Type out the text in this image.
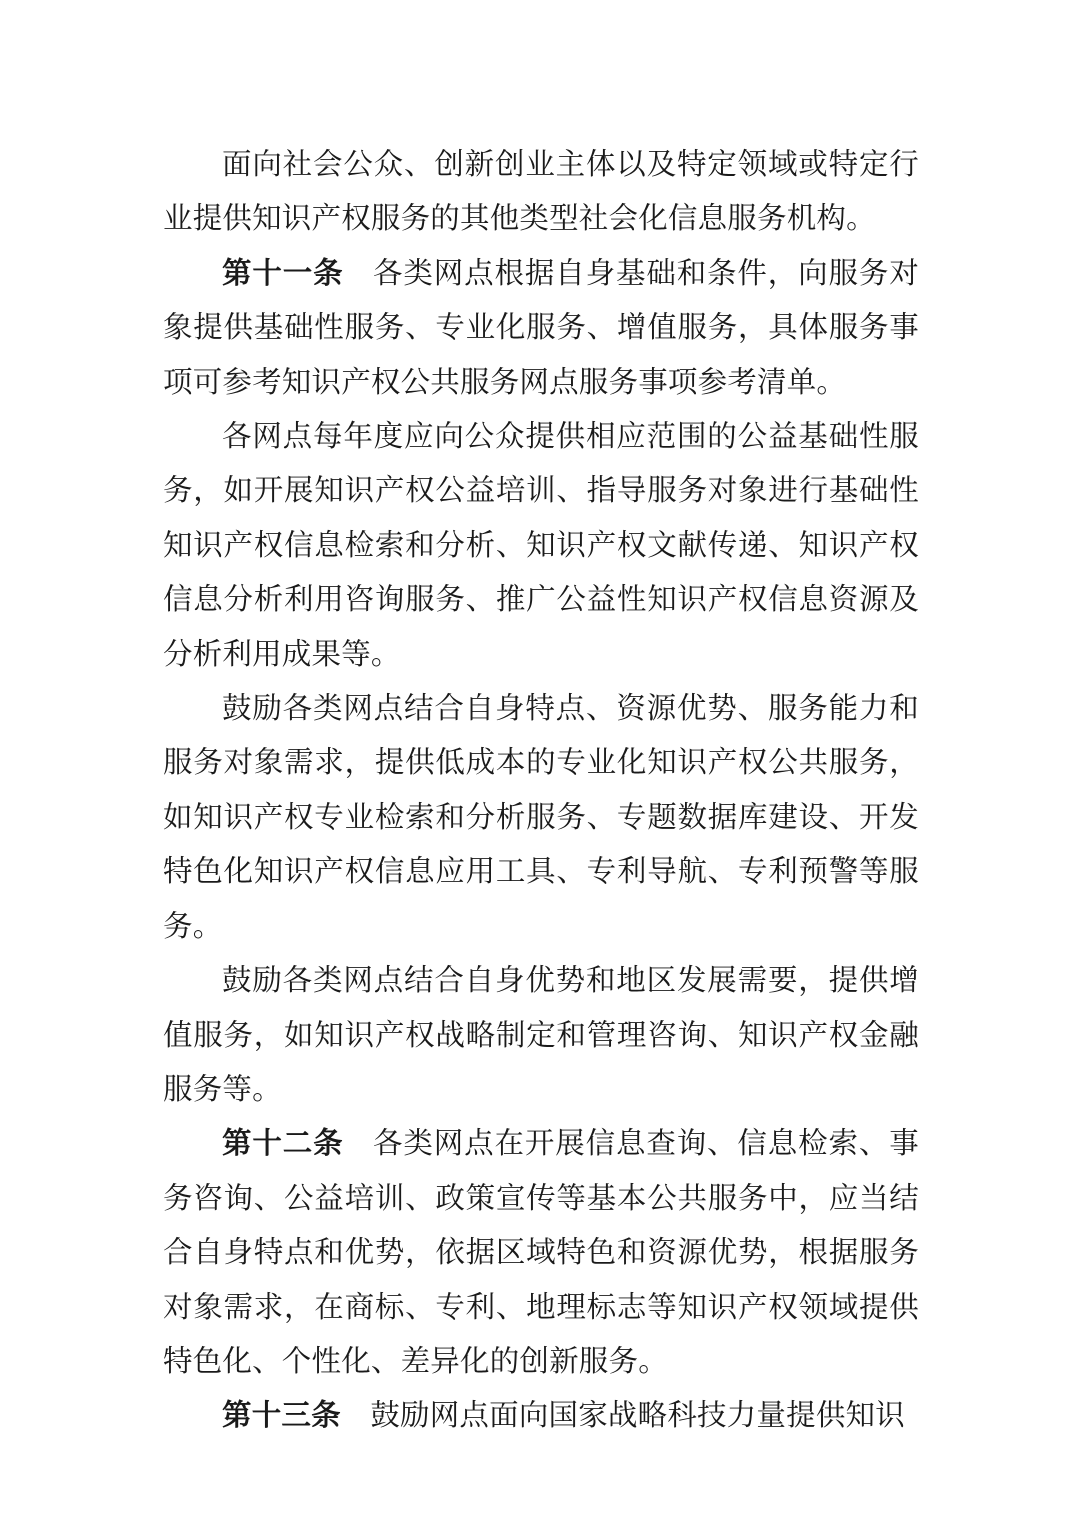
面向社会公众、创新创业主体以及特定领域或特定行业提供知识产权服务的其他类型社会化信息服务机构。

第十一条 各类网点根据自身基础和条件，向服务对象提供基础性服务、专业化服务、增值服务，具体服务事项可参考知识产权公共服务网点服务事项参考清单。

各网点每年度应向公众提供相应范围的公益基础性服务，如开展知识产权公益培训、指导服务对象进行基础性知识产权信息检索和分析、知识产权文献传递、知识产权信息分析利用咨询服务、推广公益性知识产权信息资源及分析利用成果等。

鼓励各类网点结合自身特点、资源优势、服务能力和服务对象需求，提供低成本的专业化知识产权公共服务，如知识产权专业检索和分析服务、专题数据库建设、开发特色化知识产权信息应用工具、专利导航、专利预警等服务。

鼓励各类网点结合自身优势和地区发展需要，提供增值服务，如知识产权战略制定和管理咨询、知识产权金融服务等。

第十二条 各类网点在开展信息查询、信息检索、事务咨询、公益培训、政策宣传等基本公共服务中，应当结合自身特点和优势，依据区域特色和资源优势，根据服务对象需求，在商标、专利、地理标志等知识产权领域提供特色化、个性化、差异化的创新服务。

第十三条 鼓励网点面向国家战略科技力量提供知识
